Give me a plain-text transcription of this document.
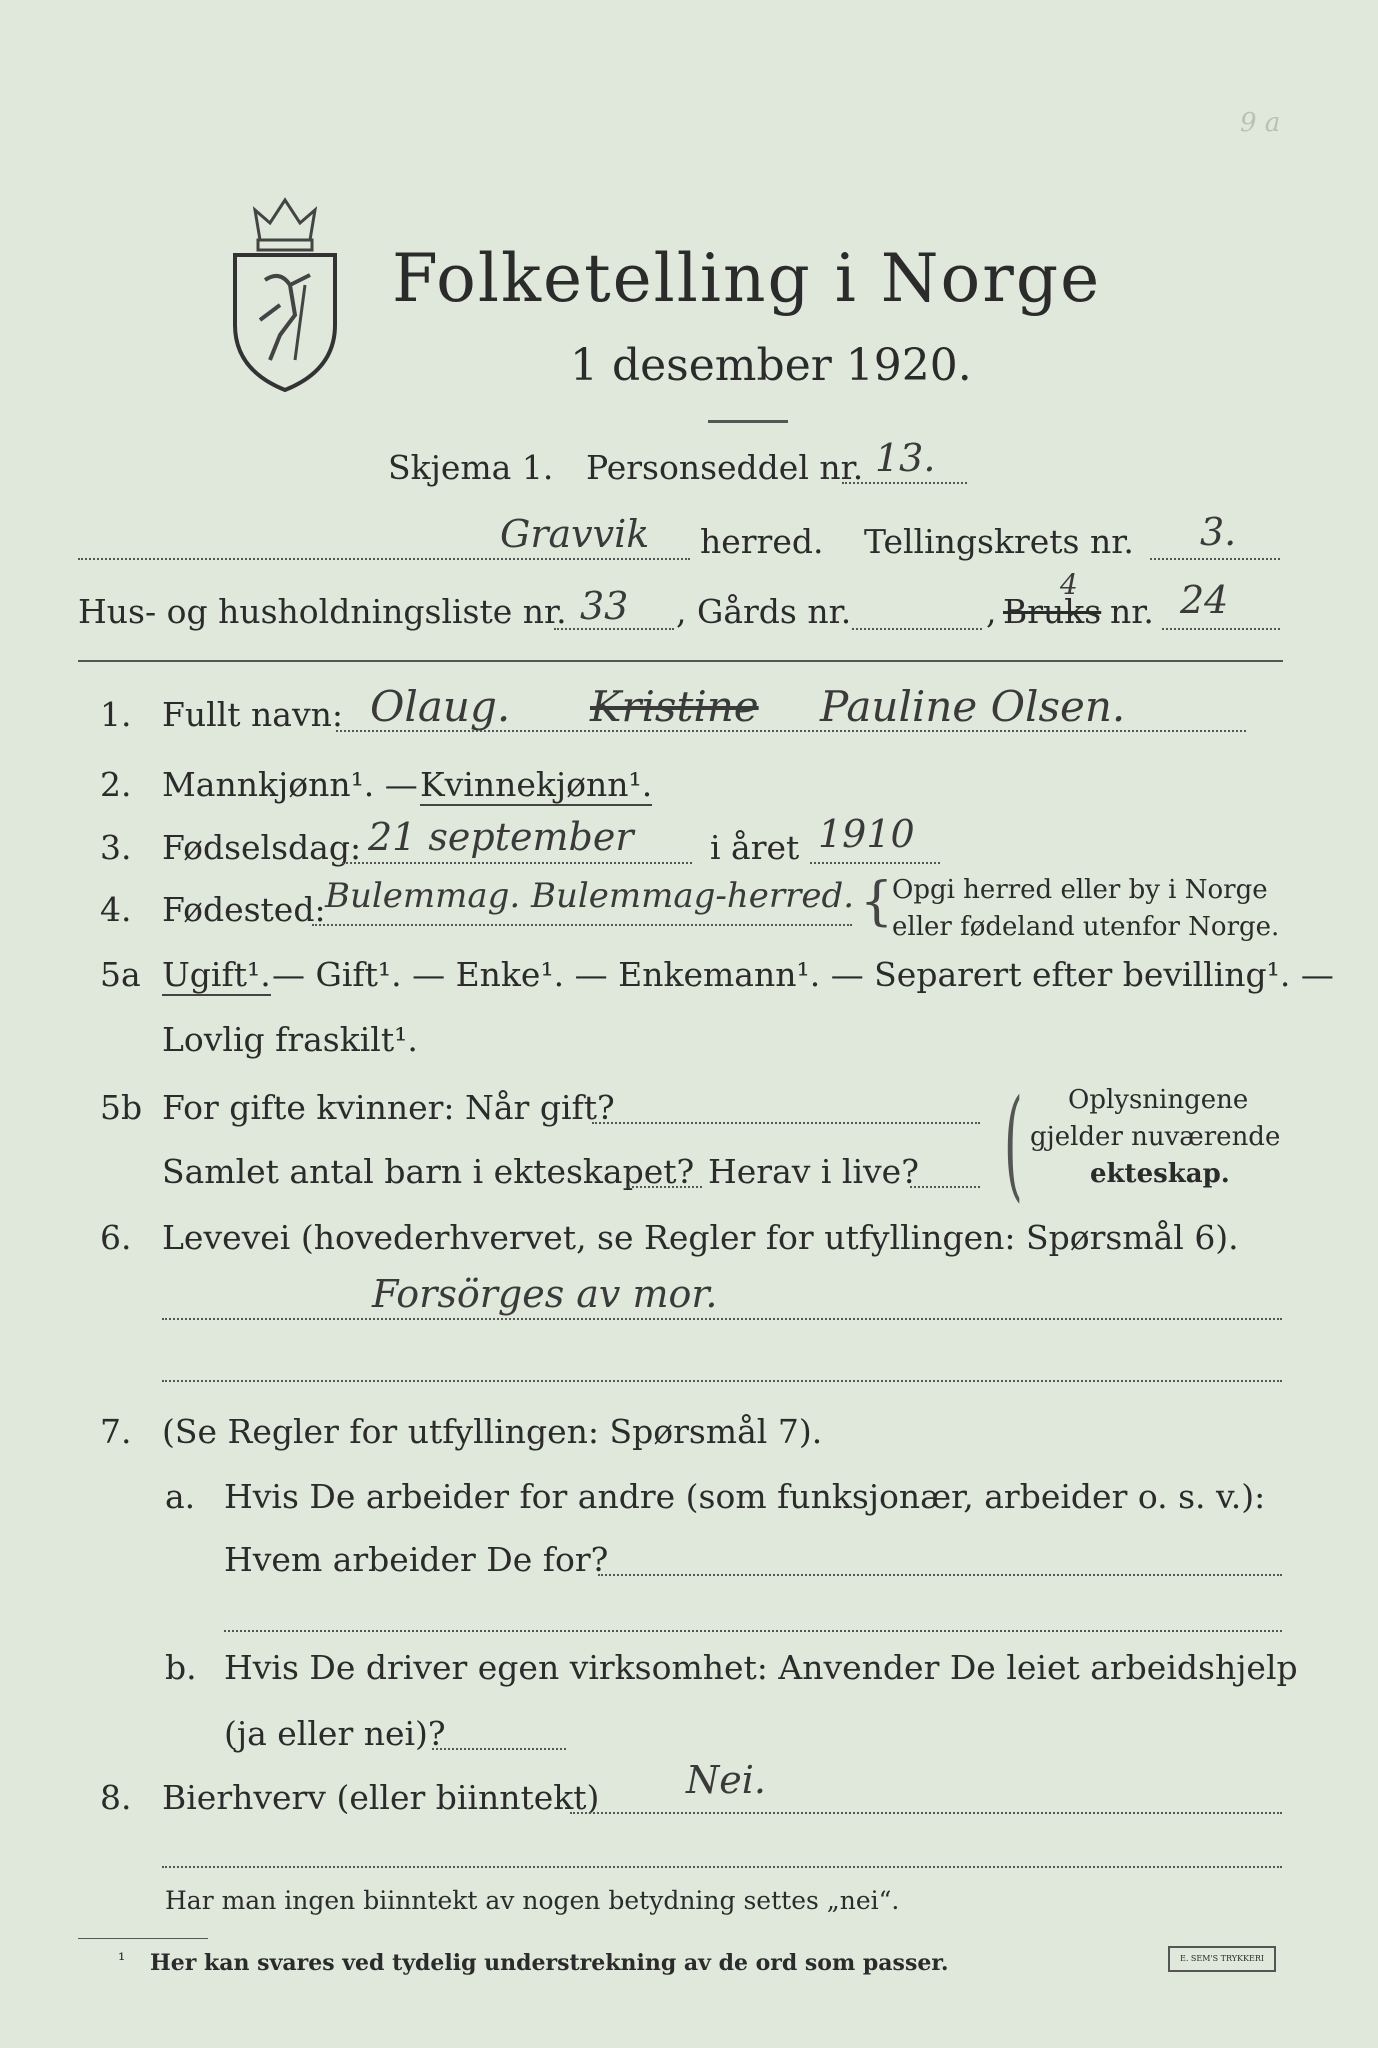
9 a
Folketelling i Norge
1 desember 1920.
Skjema 1. Personseddel nr. 13.
Gravvik herred. Tellingskrets nr. 3.
Hus- og husholdningsliste nr. 33 , Gårds nr.
4
, Bruks nr. 24
1. Fullt navn: Olaug. Kristine Pauline Olsen.
2. Mannkjønn¹. — Kvinnekjønn¹.
3. Fødselsdag: 21 september i året 1910
4. Fødested: Bulemmag. Bulemmag-herred. {
Opgi herred eller by i Norge
eller fødeland utenfor Norge.
5a Ugift¹. — Gift¹. — Enke¹. — Enkemann¹. — Separert efter bevilling¹. —
Lovlig fraskilt¹.
5b For gifte kvinner: Når gift?
Samlet antal barn i ekteskapet? Herav i live? ( Oplysningene
gjelder nuværende
ekteskap.
6. Levevei (hovederhvervet, se Regler for utfyllingen: Spørsmål 6).
Forsörges av mor.
7. (Se Regler for utfyllingen: Spørsmål 7).
a. Hvis De arbeider for andre (som funksjonær, arbeider o. s. v.):
Hvem arbeider De for?
b. Hvis De driver egen virksomhet: Anvender De leiet arbeidshjelp
(ja eller nei)?
8. Bierhverv (eller biinntekt) Nei.
Har man ingen biinntekt av nogen betydning settes „nei“.
¹ Her kan svares ved tydelig understrekning av de ord som passer.	E. SEM'S TRYKKERI
